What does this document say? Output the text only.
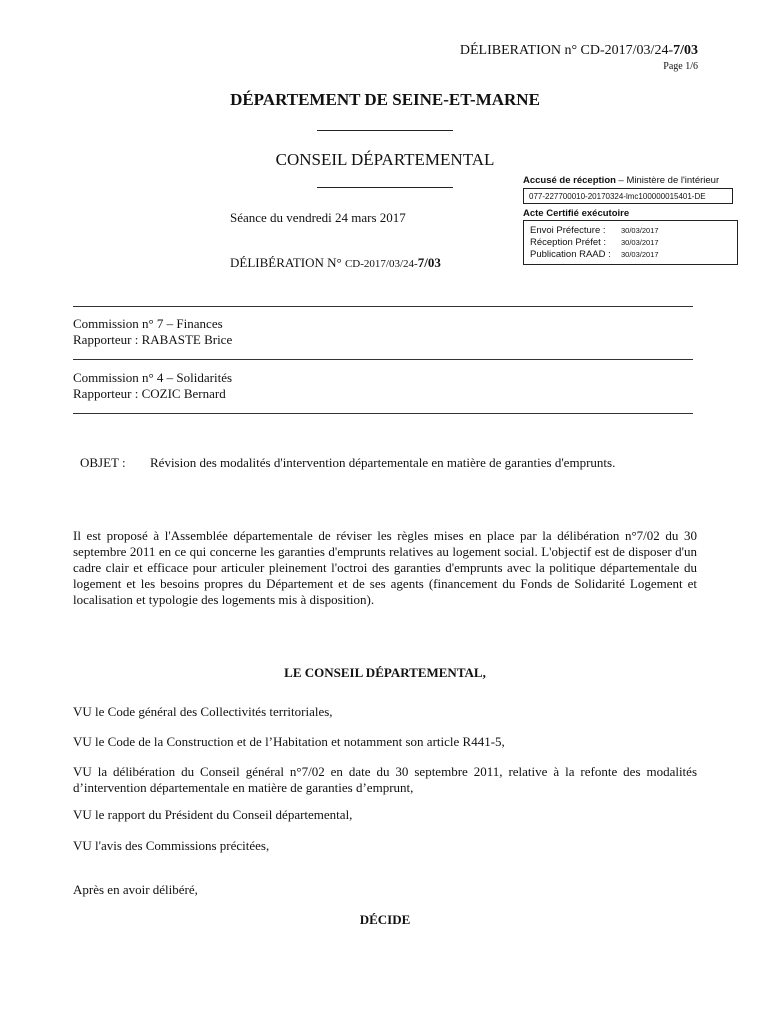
DÉLIBERATION n° CD-2017/03/24-7/03
Page 1/6
DÉPARTEMENT DE SEINE-ET-MARNE
CONSEIL DÉPARTEMENTAL
Séance du vendredi 24 mars 2017
DÉLIBÉRATION N° CD-2017/03/24-7/03
Accusé de réception – Ministère de l'intérieur
077-227700010-20170324-lmc100000015401-DE
Acte Certifié exécutoire
Envoi Préfecture :	30/03/2017
Réception Préfet :	30/03/2017
Publication RAAD :	30/03/2017
Commission n° 7 – Finances
Rapporteur : RABASTE Brice
Commission n° 4 – Solidarités
Rapporteur : COZIC Bernard
OBJET :	Révision des modalités d'intervention départementale en matière de garanties d'emprunts.
Il est proposé à l'Assemblée départementale de réviser les règles mises en place par la délibération n°7/02 du 30 septembre 2011 en ce qui concerne les garanties d'emprunts relatives au logement social. L'objectif est de disposer d'un cadre clair et efficace pour articuler pleinement l'octroi des garanties d'emprunts avec la politique départementale du logement et les besoins propres du Département et de ses agents (financement du Fonds de Solidarité Logement et localisation et typologie des logements mis à disposition).
LE CONSEIL DÉPARTEMENTAL,
VU le Code général des Collectivités territoriales,
VU le Code de la Construction et de l’Habitation et notamment son article R441-5,
VU la délibération du Conseil général n°7/02 en date du 30 septembre 2011, relative à la refonte des modalités d’intervention départementale en matière de garanties d’emprunt,
VU le rapport du Président du Conseil départemental,
VU l'avis des Commissions précitées,
Après en avoir délibéré,
DÉCIDE
